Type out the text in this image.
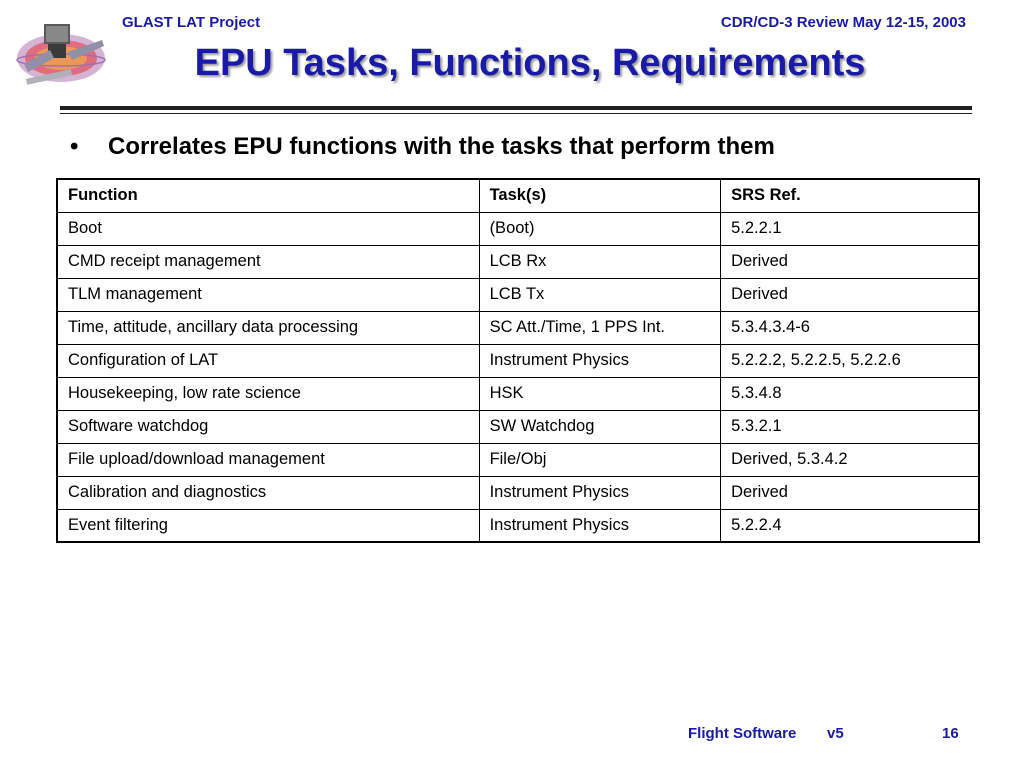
GLAST LAT Project	CDR/CD-3 Review May 12-15, 2003
EPU Tasks, Functions, Requirements
• Correlates EPU functions with the tasks that perform them
Function	Task(s)	SRS Ref.
Boot	(Boot)	5.2.2.1
CMD receipt management	LCB Rx	Derived
TLM management	LCB Tx	Derived
Time, attitude, ancillary data processing	SC Att./Time, 1 PPS Int.	5.3.4.3.4-6
Configuration of LAT	Instrument Physics	5.2.2.2, 5.2.2.5, 5.2.2.6
Housekeeping, low rate science	HSK	5.3.4.8
Software watchdog	SW Watchdog	5.3.2.1
File upload/download management	File/Obj	Derived, 5.3.4.2
Calibration and diagnostics	Instrument Physics	Derived
Event filtering	Instrument Physics	5.2.2.4
Flight Software v5	16
